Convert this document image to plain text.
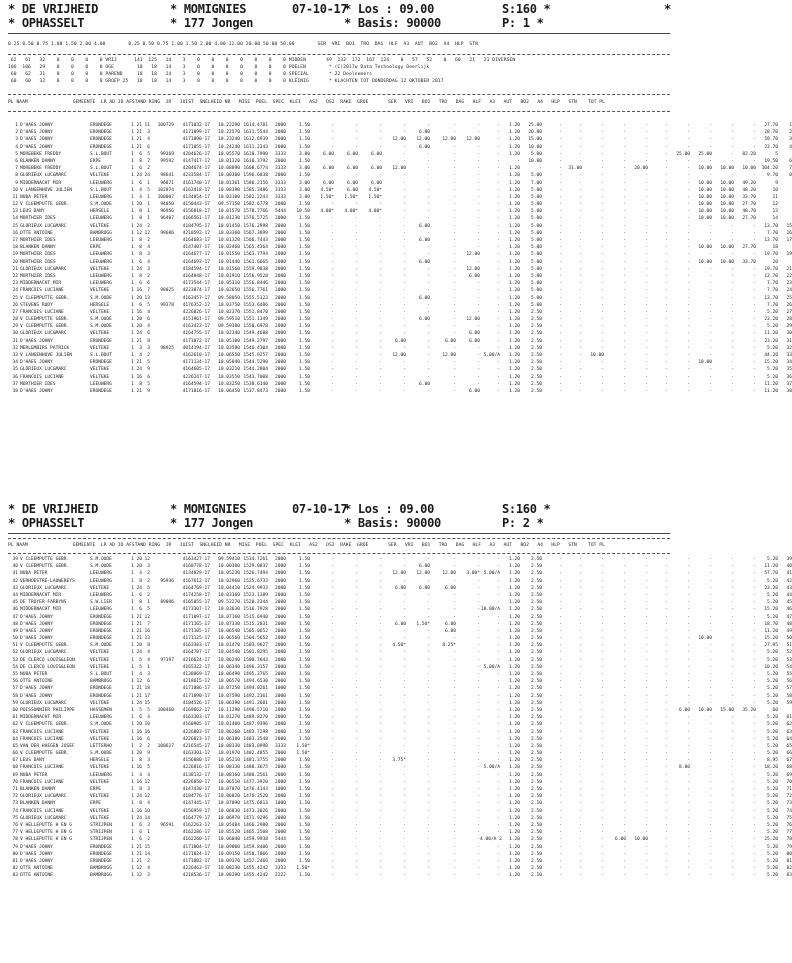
* DE VRIJHEID
* OPHASSELT
* MOMIGNIES
* 177 Jongen
07-10-17
* Los : 09.00
* Basis: 90000
S:160 *
P: 1 *
*
0.25 0.50 0.75 1.00 1.50 2.00 4.00        0.25 0.50 0.75 1.00 1.50 2.00 4.00 12.00 20.00 50.00 50.00        SER  VRI  BO1  TRO  DAG  HLF  A3  AUT  BO2  A4  HLP  STN
62   61   32    0    0    0    0 VRIJ      141  125   14    3    0    0    0    0    0    0    0 MIDDEN       49  132  172  167  124    0   57   52    0   60   21   21 DIVERSEN
106  106   29    0    0    0    0 OGE        18   18   14    3    0    0    0    0    0    0    0 POELEN        * (C)2017w Data Technology Deerlijk
60   62   31    0    0    0    0 PAREND     18   18   14    3    0    0    0    0    0    0    0 SPECIAL       * 22 Deelnemers
60   60   32    0    0    0    0 GROEP 25   18   18   14    3    0    0    0    0    0    0    0 KLEINIG       * KLACHTEN TOT DONDERDAG 12 OKTOBER 2017
PL NAAM                GEMEENTE  LR AD JD AFSTAND RING  JR   JUIST  SNELHEID NR   MISE  POEL  SPEC  KLEI   AS2   OS2  RAKE  GROE       SER   VRI   BO1   TRO   DAG   HLF   A3   AUT   BO2   A4   HLP   STN    TOT PL
1 D'HAES JOHNY	ERONDEGE	1 21 11 100729 4171032-17 10.22290 1614.4781 2000	1.50	-	-	-	-	-	-	-	- 1.20 25.00	-	-	-	-	-	-	-	-	-	- 27.70 1
2 D'HAES JOHNY	ERONDEGE	1 21 3	4171099-17 10.22570 1611.5544 2000	1.50	-	-	-	-	6.00	-	-	- 1.20 20.00	-	-	-	-	-	-	-	-	-	- 28.70 2
3 D'HAES JOHNY	ERONDEGE	1 21 4	4171090-17 10.23240 1612.6939 2000	1.50	-	-	- 12.00 12.00	12.00 12.00	- 1.20 15.00	-	-	-	-	-	-	-	-	-	- 59.70 3
4 D'HAES JOHNY	ERONDEGE	1 21 6	4171055-17 10.24240 1611.2343 2000	1.50	-	-	-	-	6.00	-	-	- 1.20 10.00	-	-	-	-	-	-	-	-	-	- 23.70 4
5 MOREBEKE FREDDY	S.L.BOUT	1 6 5 99169 4204626-17 10.05570 1610.7990 3333	3.00	6.00	6.00	6.00	-	-	-	-	- 1.20 5.00	-	-	-	-	-	- 25.00 25.00	- 82.20	5
6 BLANKEN DANNY	ERPE	1 8 7 99592 4147417-17 10.01320 1610.3792 2000	1.50	-	-	-	-	-	-	-	-	- 10.00	-	-	-	-	-	-	-	-	-	- 19.50 6
7 MOREBEKE FREDDY	S.L.BOUT	1 6 2	4204674-17 10.08890 1608.6774 3333	3.00	6.00	6.00	6.00 12.00	-	-	-	- 1.20	-	- 31.00	-	- 20.00	-	- 10.00 10.00 10.00 104.20 7
8 GLORIEUX LUC&MARC	VELTEKE	1 24 24 98641 4233584-17 10.00300 1596.6838 2000	1.50	-	-	-	-	-	-	-	- 1.20 5.00	-	-	-	-	-	-	-	-	-	- 9.70 8
9 MIDDERNACHT MIR	LEEUWERG	1 6 1 96871 4161740-17 10.01361 1586.2156 3333	3.00	6.00	6.00	6.00	-	-	-	-	- 1.20 7.00	-	-	-	-	-	-	- 10.00 10.00 49.20	9
10 V LANGENHOVE JULIEN	S.L.BOUT	1 4 5 102874 4162418-17 10.08390 1585.3486 3333	3.00 4.50*	6.00 4.50*	-	-	-	-	- 1.20 5.00	-	-	-	-	-	-	- 10.00 10.00 48.20	10
11 NUBA PETER	LEEUWERG	1 4 1 100007 4134854-17 10.03100 1582.2243 3333	3.00 1.50* 1.50* 1.50*	-	-	-	-	- 1.20 5.00	-	-	-	-	-	-	- 10.00 10.00 33.70	11
12 V CLEEMPUTTE GEBR.	S.M.OUDE	1 20 1 94050 4150443-17 09.57150 1582.6778 2000	1.50	-	-	-	-	-	-	-	- 1.20 5.00	-	-	-	-	-	-	- 10.00 10.00 27.70	12
13 LEUS DANY	HERSELE	1 8 1 96956 4156818-17 10.01570 1578.7766 5444 10.50 4.00* 4.00* 4.00*	-	-	-	-	- 1.20 5.00	-	-	-	-	-	-	- 10.00 10.00 48.70	13
14 MORTHIER IDES	LEEUWERG	1 8 1 96407 4166561-17 10.01230 1576.5725 2000	1.50	-	-	-	-	-	-	-	- 1.20 5.00	-	-	-	-	-	-	- 10.00 10.00 27.70	14
15 GLORIEUX LUC&MARC	VELTEKE	1 24 2	4184795-17 10.01450 1576.2998 2000	1.50	-	-	-	-	6.00	-	-	- 1.20 5.00	-	-	-	-	-	-	-	-	-	- 13.70 15
16 OTTE ANTOINE	BAMBROGG	1 12 12 99686 4218592-17 10.03360 1567.3899 2000	1.50	-	-	-	-	-	-	-	- 1.20 5.00	-	-	-	-	-	-	-	-	-	- 7.70 16
17 MORTHIER IDES	LEEUWERG	1 8 2	4164683-17 10.01320 1566.7443 2000	1.50	-	-	-	-	6.00	-	-	- 1.20 5.00	-	-	-	-	-	-	-	-	-	- 13.70 17
18 BLANKEN DANNY	ERPE	1 8 4	4147407-17 10.02460 1565.4364 2000	1.50	-	-	-	-	-	-	-	- 1.20 5.00	-	-	-	-	-	-	- 10.00 10.00 27.70	18
19 MORTHIER IDES	LEEUWERG	1 8 3	4164677-17 10.01550 1563.7794 2000	1.50	-	-	-	-	-	- 12.00	- 1.20 5.00	-	-	-	-	-	-	-	-	-	- 19.70 19
20 MORTHIER IDES	LEEUWERG	1 6 4	4164693-17 10.01440 1561.6665 2000	1.50	-	-	-	-	6.00	-	-	- 1.20 5.00	-	-	-	-	-	-	- 10.00 10.00 33.70	20
21 GLORIEUX LUC&MARC	VELTEKE	1 24 3	4184594-17 10.01560 1559.9838 2000	1.50	-	-	-	-	-	- 12.00	- 1.20 5.00	-	-	-	-	-	-	-	-	-	- 19.70 21
22 MORTHIER IDES	LEEUWERG	1 8 2	4164848-17 10.01910 1556.9528 2000	1.50	-	-	-	-	-	-	6.00	- 1.20 5.00	-	-	-	-	-	-	-	-	-	- 13.70 22
23 MIDDERNACHT MIR	LEEUWERG	1 6 6	4173544-17 10.05310 1556.8446 2000	1.50	-	-	-	-	-	-	-	- 1.20 5.00	-	-	-	-	-	-	-	-	-	- 7.70 23
24 FRANCOIS LUCIANE	VELTEKE	1 16 7 98025 4223874-17 10.02650 1556.7761 2000	1.50	-	-	-	-	-	-	-	- 1.20 5.00	-	-	-	-	-	-	-	-	-	- 7.70 24
25 V CLEEMPUTTE GEBR.	S.M.OUDE	1 20 13	4163457-17 09.58050 1555.5123 2000	1.50	-	-	-	-	6.00	-	-	- 1.20 5.00	-	-	-	-	-	-	-	-	-	- 13.70 25
26 STEVENS RUDY	HERSELE	1 6 5 99378 4176352-17 10.03750 1553.6486 2000	1.50	-	-	-	-	-	-	-	- 1.20 5.00	-	-	-	-	-	-	-	-	-	- 7.70 26
27 FRANCOIS LUCIANE	VELTEKE	1 16 4	4226826-17 10.02370 1551.8470 2000	1.50	-	-	-	-	-	-	-	- 1.20 2.50	-	-	-	-	-	-	-	-	-	- 5.20 27
28 V CLEEMPUTTE GEBR.	S.M.OUDE	1 20 6	4151961-17 09.59510 1551.1349 2000	1.50	-	-	-	-	6.00	- 12.00	- 1.20 2.50	-	-	-	-	-	-	-	-	-	- 23.20 28
29 V CLEEMPUTTE GEBR.	S.M.OUDE	1 20 4	4163423-17 09.59380 1550.6978 2000	1.50	-	-	-	-	-	-	-	- 1.20 2.50	-	-	-	-	-	-	-	-	-	- 5.20 29
30 GLORIEUX LUC&MARC	VELTEKE	1 24 6	4164755-17 10.02340 1549.4688 2000	1.50	-	-	-	-	-	-	6.00	- 1.20 2.50	-	-	-	-	-	-	-	-	-	- 11.20 30
31 D'HAES JOHNY	ERONDEGE	1 21 8	4171072-17 10.05100 1549.2797 2000	1.50	-	-	-	6.00	-	6.00	6.00	- 1.20 2.50	-	-	-	-	-	-	-	-	-	- 23.20 31
32 MERLEMBIRS PATRICK	VELTEKE	1 3 3 98925 4014194-17 10.03580 1546.4304 2000	1.50	-	-	-	-	-	-	-	- 1.20 2.50	-	-	-	-	-	-	-	-	-	- 5.20 32
33 V LANGENHOVE JULIEN	S.L.BOUT	1 4 2	4162610-17 10.06550 1545.9257 2000	1.50	-	-	- 12.00	-	12.00	- 5.00/A 1.20 2.50	-	- 10.00	-	-	-	-	-	-	- 44.20 33
34 D'HAES JOHNY	ERONDEGE	1 21 5	4171134-17 10.05840 1544.5290 2000	1.50	-	-	-	-	-	-	-	- 1.20 2.50	-	-	-	-	-	-	- 10.00	-	- 15.20 34
35 GLORIEUX LUC&MARC	VELTEKE	1 24 9	4164605-17 10.03210 1544.2804 2000	1.50	-	-	-	-	-	-	-	- 1.20 2.50	-	-	-	-	-	-	-	-	-	- 5.20 35
36 FRANCOIS LUCIANE	VELTEKE	1 16 6	4226247-17 10.03550 1543.7008 2000	1.50	-	-	-	-	-	-	-	- 1.20 2.50	-	-	-	-	-	-	-	-	-	- 5.20 36
37 MORTHIER IDES	LEEUWERG	1 8 5	4164594-17 10.03250 1538.6140 2000	1.50	-	-	-	-	6.00	-	-	- 1.20 2.50	-	-	-	-	-	-	-	-	-	- 11.20 37
38 D'HAES JOHNY	ERONDEGE	1 21 9	4171016-17 10.06450 1537.8473 2000	1.50	-	-	-	-	-	-	6.00	- 1.20 2.50	-	-	-	-	-	-	-	-	-	- 11.20 38
* DE VRIJHEID
* OPHASSELT
* MOMIGNIES
* 177 Jongen
07-10-17
* Los : 09.00
* Basis: 90000
S:160 *
P: 2 *
PL NAAM                GEMEENTE  LR AD JD AFSTAND RING  JR   JUIST  SNELHEID NR   MISE  POEL  SPEC  KLEI   AS2   OS2  RAKE  GROE       SER   VRI   BO1   TRO   DAG   HLF   A3   AUT   BO2   A4   HLP   STN    TOT PL
39 V CLEEMPUTTE GEBR.	S.M.OUDE	1 20 12	4163427-17 09.59410 1534.7261 2000	1.50	-	-	-	-	-	-	-	- 1.20 2.50	-	-	-	-	-	-	-	-	-	- 5.20 39
40 V CLEEMPUTTE GEBR.	S.M.OUDE	1 20 3	4160778-17 10.00300 1529.0837 2000	1.50	-	-	-	-	6.00	-	-	- 1.20 2.50	-	-	-	-	-	-	-	-	-	- 11.20 40
41 NUBA PETER	LEEUWERG	1 4 2	4134829-17 10.05230 1526.7494 2000	1.50	-	-	- 12.00 12.00	12.00 3.00* 5.00/A 1.20 2.50	-	-	-	-	-	-	-	-	-	- 57.70 41
42 VERHOESTRE-LAUWEREYS	LEEUWERG	1 8 2 95936 4167612-17 10.02960 1525.6733 2000	1.50	-	-	-	-	-	-	-	- 1.20 2.50	-	-	-	-	-	-	-	-	-	- 5.20 42
43 GLORIEUX LUC&MARC	VELTEKE	1 24 5	4164769-17 10.04410 1524.9933 2000	1.50	-	-	-	6.00	6.00	6.00	-	- 1.20 2.50	-	-	-	-	-	-	-	-	-	- 23.20 43
44 MIDDERNACHT MIR	LEEUWERG	1 6 2	4174258-17 10.03360 1523.1389 2000	1.50	-	-	-	-	-	-	-	- 1.20 2.50	-	-	-	-	-	-	-	-	-	- 5.20 44
45 DE TROYER-FARBYNS	S.W.LIER	1 8 1 89096 4165055-17 09.52270 1520.3344 2000	1.50	-	-	-	-	-	-	-	- 1.20 2.50	-	-	-	-	-	-	-	-	-	- 5.20 45
46 MIDDERNACHT MIR	LEEUWERG	1 6 5	4173307-17 10.03630 1516.7928 2000	1.50	-	-	-	-	-	-	-10.00/A 1.20 2.50	-	-	-	-	-	-	-	-	-	- 15.20 46
47 D'HAES JOHNY	ERONDEGE	1 21 12	4171097-17 10.07160 1515.6940 2000	1.50	-	-	-	-	-	-	-	- 1.20 2.50	-	-	-	-	-	-	-	-	-	- 5.20 47
48 D'HAES JOHNY	ERONDEGE	1 21 7	4171165-17 10.07330 1515.2831 2000	1.50	-	-	-	6.00 1.50*	6.00	-	- 1.20 2.50	-	-	-	-	-	-	-	-	-	- 18.70 48
49 D'HAES JOHNY	ERONDEGE	1 21 16	4171105-17 10.06540 1505.0652 2000	1.50	-	-	-	-	-	6.00	-	- 1.20 2.50	-	-	-	-	-	-	-	-	-	- 11.20 49
50 D'HAES JOHNY	ERONDEGE	1 21 13	4171125-17 10.06560 1504.5652 2000	1.50	-	-	-	-	-	-	-	- 1.20 2.50	-	-	-	-	-	-	- 10.00	-	- 15.20 50
51 V CLEEMPUTTE GEBR.	S.M.OUDE	1 20 8	4163383-17 10.01470 1503.9627 2000	1.50	-	-	- 4.50*	-	8.25*	-	- 1.20 2.50	-	-	-	-	-	-	-	-	-	- 27.95 51
52 GLORIEUX LUC&MARC	VELTEKE	1 24 4	4164787-17 10.04540 1501.8295 2000	1.50	-	-	-	-	-	-	-	- 1.20 2.50	-	-	-	-	-	-	-	-	-	- 5.20 52
53 DE CLERCQ LOUIS&LEON	VELTEKE	1 5 4 97197 4216624-17 10.06240 1500.7643 2000	1.50	-	-	-	-	-	-	-	- 1.20 2.50	-	-	-	-	-	-	-	-	-	- 5.20 53
54 DE CLERCQ LOUIS&LEON	VELTEKE	1 5 1	4165322-17 10.06340 1496.3157 2000	1.50	-	-	-	-	-	-	- 5.00/A 1.20 2.50	-	-	-	-	-	-	-	-	-	- 10.20 54
55 NUBA PETER	S.L.BOUT	1 4 3	4138069-17 10.06490 1495.3765 2000	1.50	-	-	-	-	-	-	-	- 1.20 2.50	-	-	-	-	-	-	-	-	-	- 5.20 55
56 OTTE ANTOINE	BAMBROGG	1 12 6	4218615-17 10.06570 1494.6530 2000	1.50	-	-	-	-	-	-	-	- 1.20 2.50	-	-	-	-	-	-	-	-	-	- 5.20 56
57 D'HAES JOHNY	ERONDEGE	1 21 18	4171086-17 10.07250 1494.0261 1000	1.50	-	-	-	-	-	-	-	- 1.20 2.50	-	-	-	-	-	-	-	-	-	- 5.20 57
58 D'HAES JOHNY	ERONDEGE	1 21 17	4171090-17 10.07590 1492.2361 2000	1.50	-	-	-	-	-	-	-	- 1.20 2.50	-	-	-	-	-	-	-	-	-	- 5.20 58
59 GLORIEUX LUC&MARC	VELTEKE	1 24 15	4184526-17 10.06390 1491.2601 2000	1.50	-	-	-	-	-	-	-	- 1.20 2.50	-	-	-	-	-	-	-	-	-	- 5.20 59
60 POISSONNIER PHILIPPE	HASSEMEN	1 5 5 100460 4169662-17 10.11290 1490.5710 2000	1.50	-	-	-	-	-	-	-	- 1.20 2.50	-	-	-	-	-	- 6.00 10.00 15.00 35.20	60
61 MIDDERNACHT MIR	LEEUWERG	1 6 4	4163303-17 10.01270 1489.8270 2000	1.50	-	-	-	-	-	-	-	- 1.20 2.50	-	-	-	-	-	-	-	-	-	- 5.20 61
62 V CLEEMPUTTE GEBR.	S.M.OUDE	1 20 10	4160905-17 10.01400 1487.9396 2000	1.50	-	-	-	-	-	-	-	- 1.20 2.50	-	-	-	-	-	-	-	-	-	- 5.20 62
63 FRANCOIS LUCIANE	VELTEKE	1 16 16	4226803-17 10.06260 1483.7298 2000	1.50	-	-	-	-	-	-	-	- 1.20 2.50	-	-	-	-	-	-	-	-	-	- 5.20 63
64 FRANCOIS LUCIANE	VELTEKE	1 16 6	4226823-17 10.06380 1483.3548 2000	1.50	-	-	-	-	-	-	-	- 1.20 2.50	-	-	-	-	-	-	-	-	-	- 5.20 64
65 VAN DER HAEGEN JOSEF	LETTERHO	1 2 2 100617 4216545-17 10.08330 1483.0990 3333 1.50*	-	-	-	-	-	-	-	- 1.20 2.50	-	-	-	-	-	-	-	-	-	- 5.20 65
66 V CLEEMPUTTE GEBR.	S.M.OUDE	1 20 9	4163301-17 10.01970 1482.4855 2000 1.50*	-	-	-	-	-	-	-	- 1.20 2.50	-	-	-	-	-	-	-	-	-	- 5.20 66
67 LEUS DANY	HERSELE	1 8 3	4156880-17 10.05210 1481.3755 2000	1.50	-	-	- 3.75*	-	-	-	- 1.20 2.50	-	-	-	-	-	-	-	-	-	- 8.95 67
68 FRANCOIS LUCIANE	VELTEKE	1 16 5	4226816-17 10.08130 1480.3675 2000	1.50	-	-	-	-	-	-	- 5.00/A 1.20 2.50	-	-	-	-	-	- 8.00	-	-	- 18.20 68
69 NUBA PETER	LEEUWERG	1 4 4	4138132-17 10.08160 1480.2561 2000	1.50	-	-	-	-	-	-	-	- 1.20 2.50	-	-	-	-	-	-	-	-	-	- 5.20 69
70 FRANCOIS LUCIANE	VELTEKE	1 16 12	4226850-17 10.06510 1477.3920 2000	1.50	-	-	-	-	-	-	-	- 1.20 2.50	-	-	-	-	-	-	-	-	-	- 5.20 70
71 BLANKEN DANNY	ERPE	1 8 3	4147430-17 10.07070 1476.4143 1000	1.50	-	-	-	-	-	-	-	- 1.20 2.50	-	-	-	-	-	-	-	-	-	- 5.20 71
72 GLORIEUX LUC&MARC	VELTEKE	1 24 12	4184776-17 10.06820 1476.3520 2000	1.50	-	-	-	-	-	-	-	- 1.20 2.50	-	-	-	-	-	-	-	-	-	- 5.20 72
73 BLANKEN DANNY	ERPE	1 8 4	4147445-17 10.07090 1475.6813 1000	1.50	-	-	-	-	-	-	-	- 1.20 2.50	-	-	-	-	-	-	-	-	-	- 5.20 73
74 FRANCOIS LUCIANE	VELTEKE	1 16 10	4156959-17 10.06030 1473.3026 2000	1.50	-	-	-	-	-	-	-	- 1.20 2.50	-	-	-	-	-	-	-	-	-	- 5.20 74
75 GLORIEUX LUC&MARC	VELTEKE	1 24 14	4164779-17 10.06970 1471.9296 2000	1.50	-	-	-	-	-	-	-	- 1.20 2.50	-	-	-	-	-	-	-	-	-	- 5.20 75
76 V HELLEPUTTE H EN G	STRIJPEN	1 6 3 96591 4162263-17 10.05484 1466.2980 2000	1.50	-	-	-	-	-	-	-	- 1.20 2.50	-	-	-	-	-	-	-	-	-	- 5.20 76
77 V HELLEPUTTE H EN G	STRIJPEN	1 6 1	4162286-17 10.05520 1465.2508 2000	1.50	-	-	-	-	-	-	-	- 1.20 2.50	-	-	-	-	-	-	-	-	-	- 5.20 77
78 V HELLEPUTTE H EN G	STRIJPEN	1 6 2	4162260-17 10.06040 1459.9938 5444	1.50	-	-	-	-	-	-	-4.00/A 2 1.20 2.50	-	-	- 6.00 10.00	-	-	-	-	- 25.20 78
79 D'HAES JOHNY	ERONDEGE	1 21 15	4171004-17 10.09000 1459.8406 2000	1.50	-	-	-	-	-	-	-	- 1.20 2.50	-	-	-	-	-	-	-	-	-	- 5.20 79
80 D'HAES JOHNY	ERONDEGE	1 21 14	4171024-17 10.09150 1458.7066 2000	1.50	-	-	-	-	-	-	-	- 1.20 2.50	-	-	-	-	-	-	-	-	-	- 5.20 80
81 D'HAES JOHNY	ERONDEGE	1 21 2	4171082-17 10.09370 1457.2466 2000	1.50	-	-	-	-	-	-	-	- 1.20 2.50	-	-	-	-	-	-	-	-	-	- 5.20 81
82 OTTE ANTOINE	BAMBROGG	1 12 4	4226463-17 10.08230 1455.4242 3333 1.50*	-	-	-	-	-	-	-	- 1.20 2.50	-	-	-	-	-	-	-	-	-	- 5.20 82
83 OTTE ANTOINE	BAMBROGG	1 12 3	4218536-17 10.08290 1455.4242 2222	1.50	-	-	-	-	-	-	-	- 1.20 2.50	-	-	-	-	-	-	-	-	-	- 5.20 83
